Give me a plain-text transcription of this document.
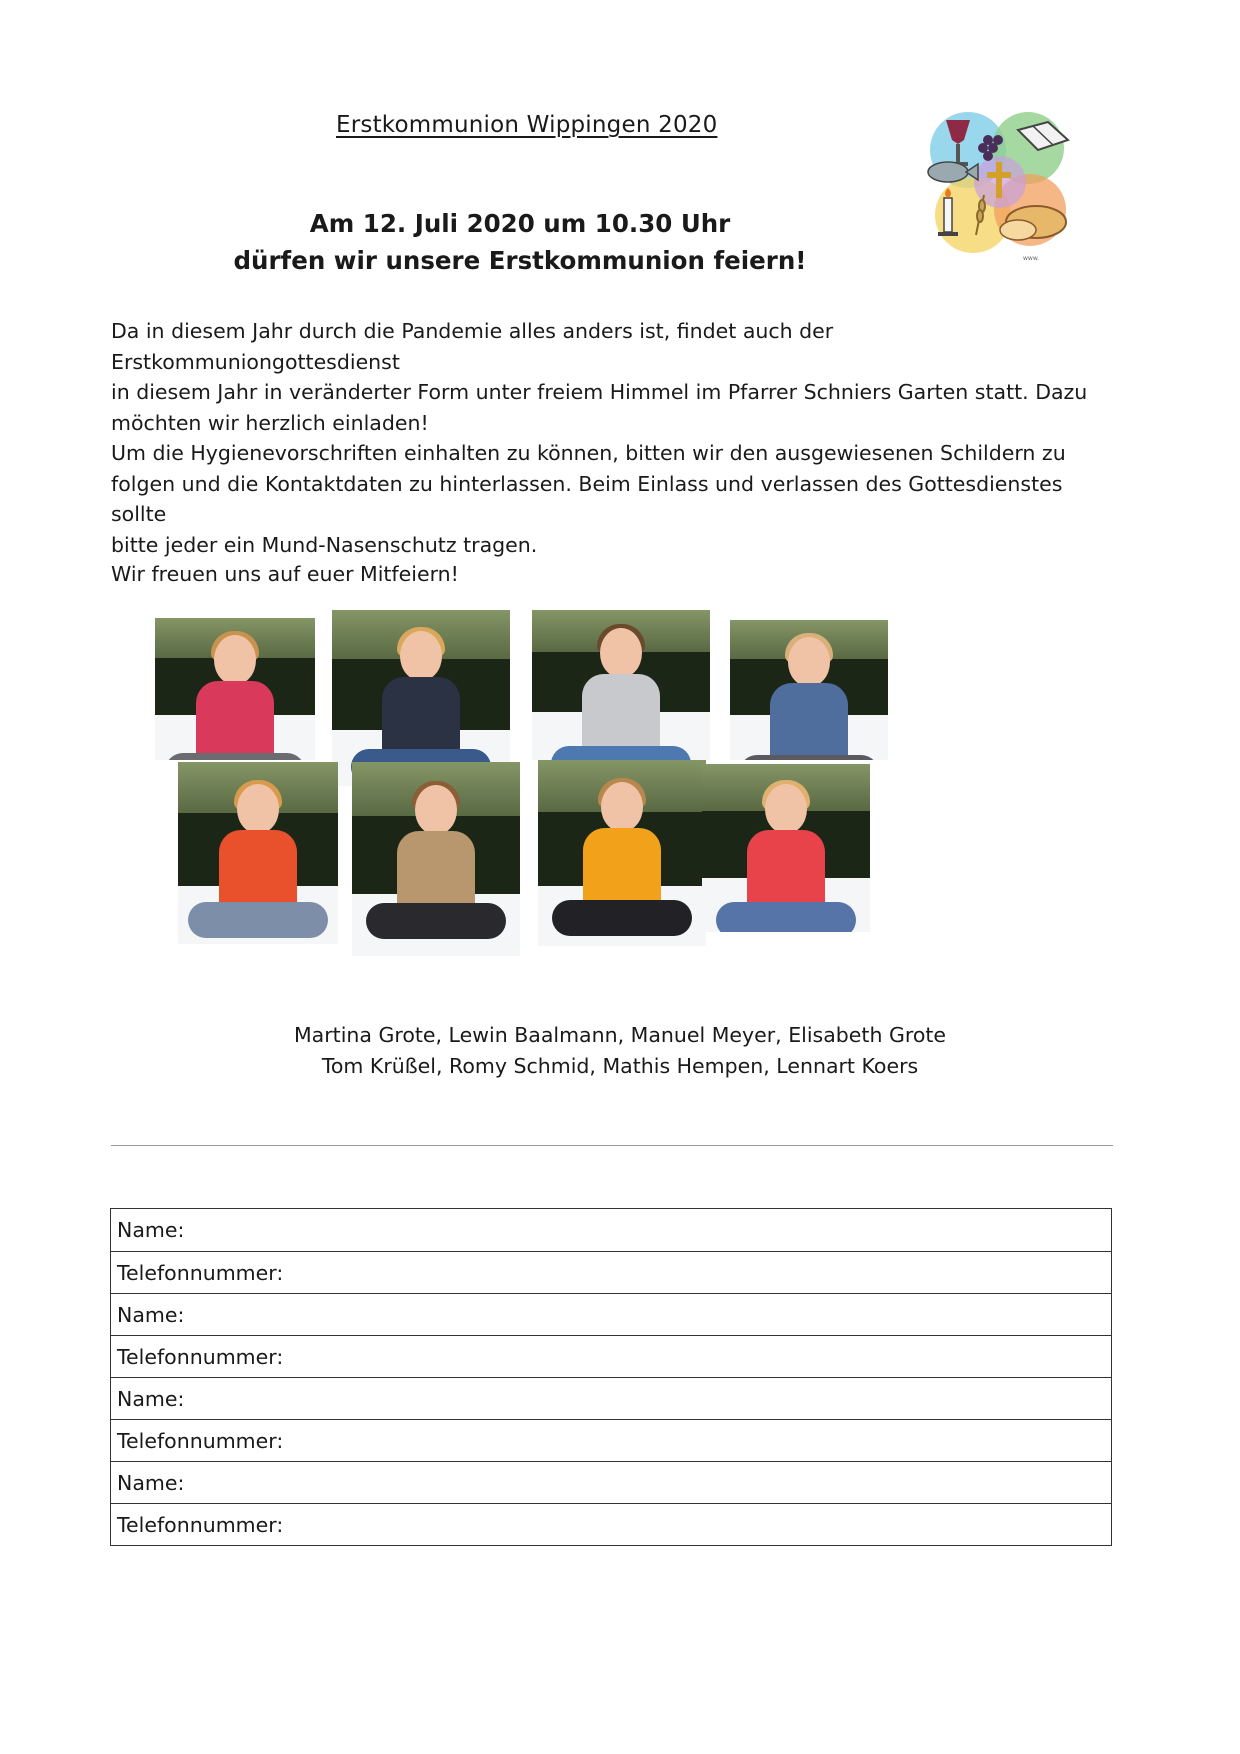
Erstkommunion Wippingen 2020
www.
Am 12. Juli 2020 um 10.30 Uhr
dürfen wir unsere Erstkommunion feiern!
Da in diesem Jahr durch die Pandemie alles anders ist, findet auch der Erstkommuniongottesdienst
in diesem Jahr in veränderter Form unter freiem Himmel im Pfarrer Schniers Garten statt. Dazu
möchten wir herzlich einladen!
Um die Hygienevorschriften einhalten zu können, bitten wir den ausgewiesenen Schildern zu
folgen und die Kontaktdaten zu hinterlassen. Beim Einlass und verlassen des Gottesdienstes sollte
bitte jeder ein Mund-Nasenschutz tragen.
Wir freuen uns auf euer Mitfeiern!
Martina Grote, Lewin Baalmann, Manuel Meyer, Elisabeth Grote
Tom Krüßel, Romy Schmid, Mathis Hempen, Lennart Koers
Name:
Telefonnummer:
Name:
Telefonnummer:
Name:
Telefonnummer:
Name:
Telefonnummer:
